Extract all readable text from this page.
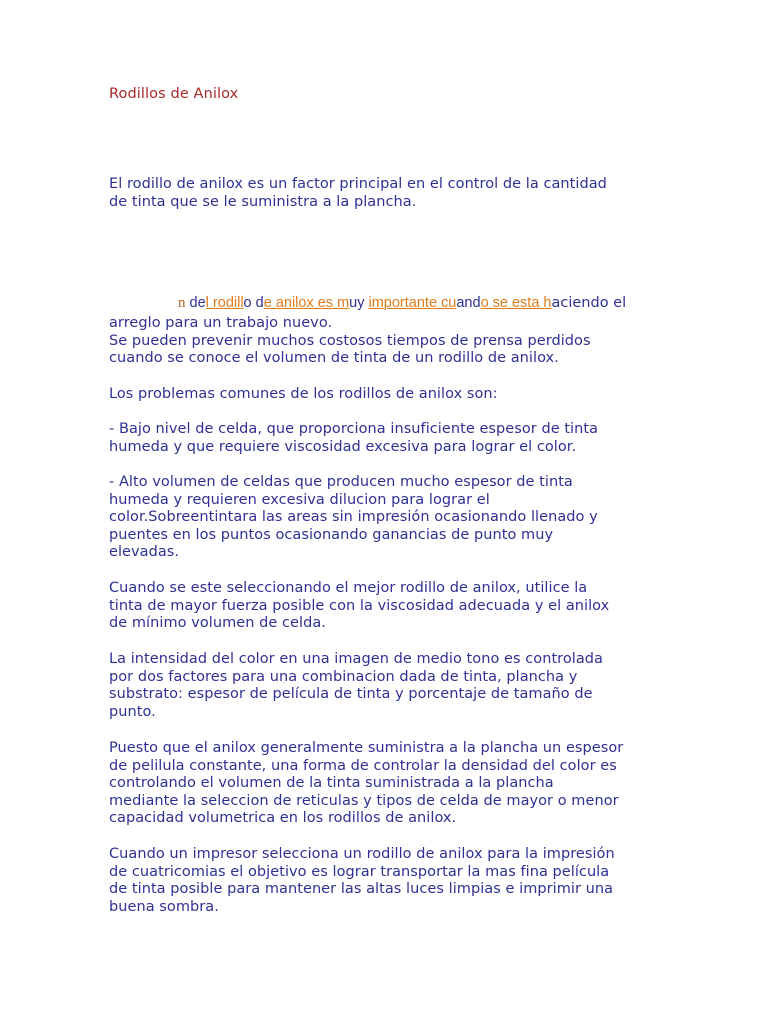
Rodillos de Anilox

El rodillo de anilox es un factor principal en el control de la cantidad

de tinta que se le suministra a la plancha.

n del rodillo de anilox es muy importante cuando se esta haciendo el

arreglo para un trabajo nuevo.

Se pueden prevenir muchos costosos tiempos de prensa perdidos

cuando se conoce el volumen de tinta de un rodillo de anilox.

Los problemas comunes de los rodillos de anilox son:

- Bajo nivel de celda, que proporciona insuficiente espesor de tinta

humeda y que requiere viscosidad excesiva para lograr el color.

- Alto volumen de celdas que producen mucho espesor de tinta

humeda y requieren excesiva dilucion para lograr el

color.Sobreentintara las areas sin impresión ocasionando llenado y

puentes en los puntos ocasionando ganancias de punto muy

elevadas.

Cuando se este seleccionando el mejor rodillo de anilox, utilice la

tinta de mayor fuerza posible con la viscosidad adecuada y el anilox

de mínimo volumen de celda.

La intensidad del color en una imagen de medio tono es controlada

por dos factores para una combinacion dada de tinta, plancha y

substrato: espesor de película de tinta y porcentaje de tamaño de

punto.

Puesto que el anilox generalmente suministra a la plancha un espesor

de pelilula constante, una forma de controlar la densidad del color es

controlando el volumen de la tinta suministrada a la plancha

mediante la seleccion de reticulas y tipos de celda de mayor o menor

capacidad volumetrica en los rodillos de anilox.

Cuando un impresor selecciona un rodillo de anilox para la impresión

de cuatricomias el objetivo es lograr transportar la mas fina película

de tinta posible para mantener las altas luces limpias e imprimir una

buena sombra.
